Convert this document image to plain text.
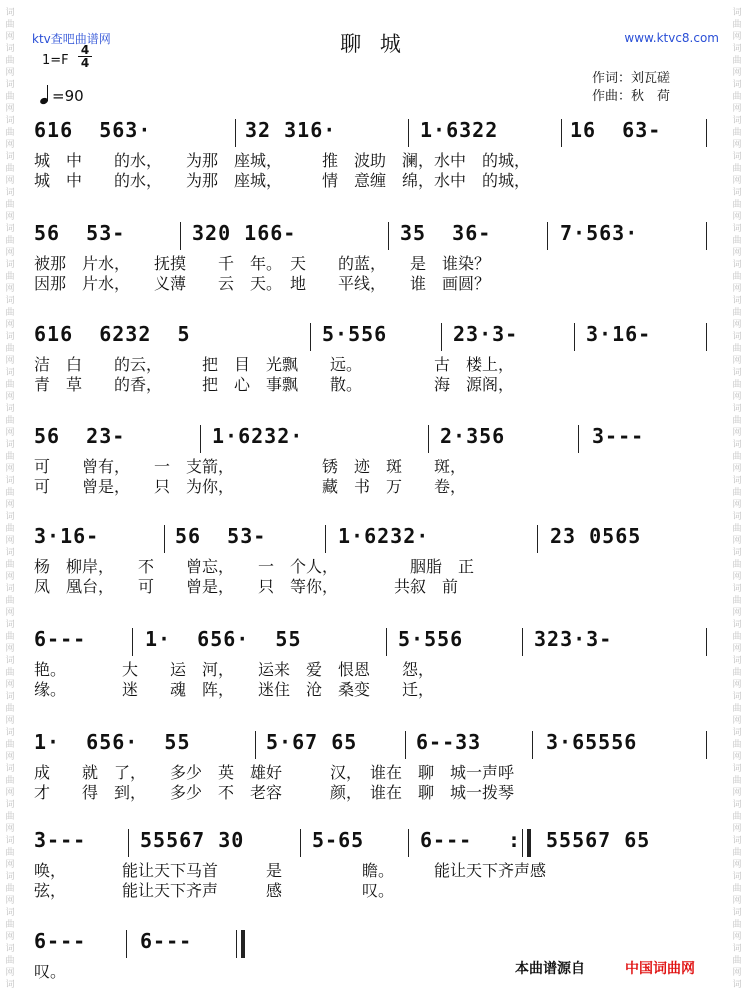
词
曲
网
词
曲
网
词
曲
网
词
曲
网
词
曲
网
词
曲
网
词
曲
网
词
曲
网
词
曲
网
词
曲
网
词
曲
网
词
曲
网
词
曲
网
词
曲
网
词
曲
网
词
曲
网
词
曲
网
词
曲
网
词
曲
网
词
曲
网
词
曲
网
词
曲
网
词
曲
网
词
曲
网
词
曲
网
词
曲
网
词
曲
网
词
词
曲
网
词
曲
网
词
曲
网
词
曲
网
词
曲
网
词
曲
网
词
曲
网
词
曲
网
词
曲
网
词
曲
网
词
曲
网
词
曲
网
词
曲
网
词
曲
网
词
曲
网
词
曲
网
词
曲
网
词
曲
网
词
曲
网
词
曲
网
词
曲
网
词
曲
网
词
曲
网
词
曲
网
词
曲
网
词
曲
网
词
曲
网
词
ktv查吧曲谱网	www.ktvc8.com
聊 城
1=F
4
4
=90
作词：刘瓦磋
作曲：秋　荷
616  563·	32 316·	1·6322	16  63-
城　中　　的水，　　为那　座城，　　　推　波助　澜，水中　的城，
城　中　　的水，　　为那　座城，　　　情　意缠　绵，水中　的城，
56  53-	320 166-	35  36-	7·563·
被那　片水，　　抚摸　　千　年。　天　　的蓝，　　是　谁染？
因那　片水，　　义薄　　云　天。　地　　平线，　　谁　画圆？
616  6232  5	5·556	23·3-	3·16-
洁　白　　的云，　　　把　目　光飘　　远。　　　　　古　楼上，
青　草　　的香，　　　把　心　事飘　　散。　　　　　海　源阁，
56  23-	1·6232·	2·356	3---
可　　曾有，　　一　支箭，　　　　　　锈　迹　斑　　斑，
可　　曾是，　　只　为你，　　　　　　藏　书　万　　卷，
3·16-	56  53-	1·6232·	23 0565
杨　柳岸，　　不　　曾忘，　　一　个人，　　　　　胭脂　正
凤　凰台，　　可　　曾是，　　只　等你，　　　　共叙　前
6---	1·  656·  55	5·556	323·3-
艳。　　　　大　　运　河，　　运来　爱　恨恩　　怨，
缘。　　　　迷　　魂　阵，　　迷住　沧　桑变　　迁，
1·  656·  55	5·67 65	6--33	3·65556
成　　就　了，　　多少　英　雄好　　　汉，　谁在　聊　城一声呼
才　　得　到，　　多少　不　老容　　　颜，　谁在　聊　城一拨琴
3---	55567 30	5-65	6--- : 55567 65
唤，　　　　能让天下马首　　　是　　　　　瞻。　　　能让天下齐声感
弦，　　　　能让天下齐声　　　感　　　　　叹。
6---	6---
叹。	本曲谱源自	中国词曲网
